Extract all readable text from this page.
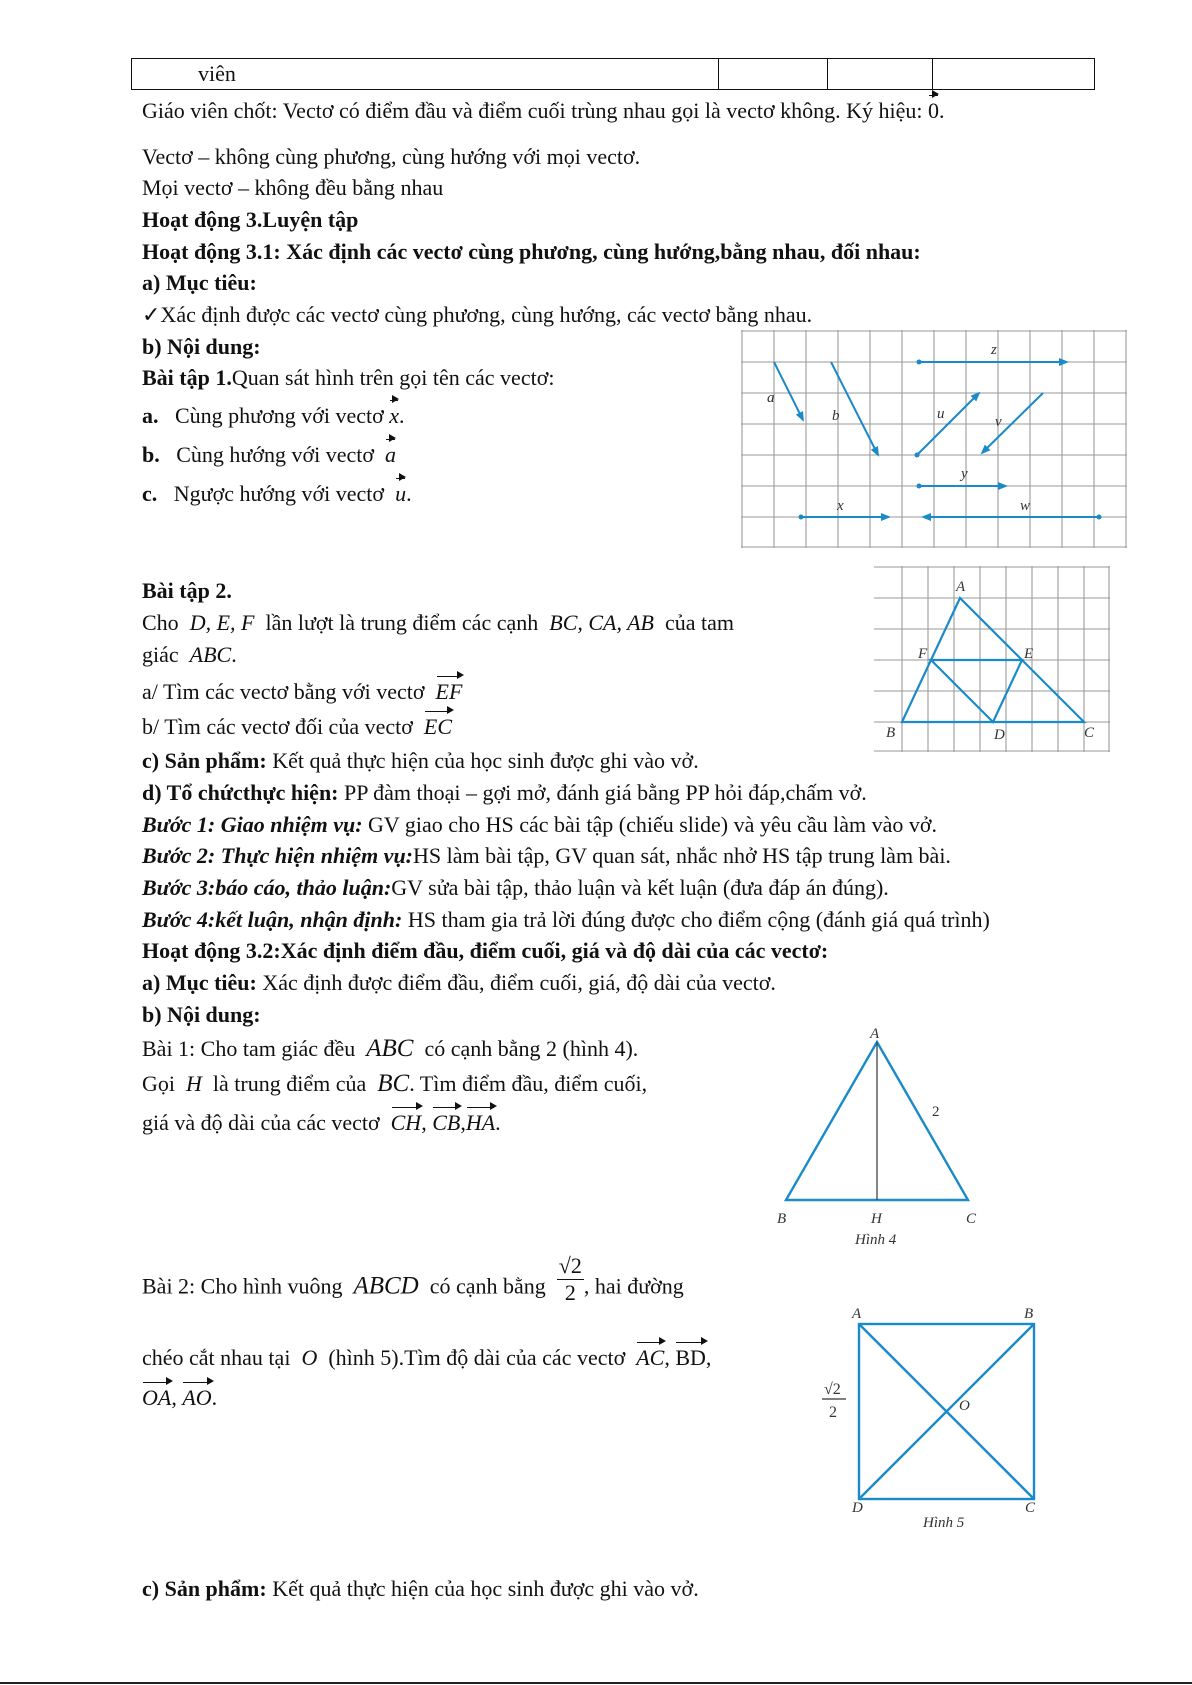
viên			
Giáo viên chốt: Vectơ có điểm đầu và điểm cuối trùng nhau gọi là vectơ không. Ký hiệu: 0.
Vectơ – không cùng phương, cùng hướng với mọi vectơ.
Mọi vectơ – không đều bằng nhau
Hoạt động 3.Luyện tập
Hoạt động 3.1: Xác định các vectơ cùng phương, cùng hướng,bằng nhau, đối nhau:
a) Mục tiêu:
✓Xác định được các vectơ cùng phương, cùng hướng, các vectơ bằng nhau.
b) Nội dung:
Bài tập 1.Quan sát hình trên gọi tên các vectơ:
a. Cùng phương với vectơ x.
b. Cùng hướng với vectơ a
c. Ngược hướng với vectơ u.
a
b
z
u	v
y
x	w
Bài tập 2.
Cho D, E, F lần lượt là trung điểm các cạnh BC, CA, AB của tam
giác ABC.
a/ Tìm các vectơ bằng với vectơ EF
b/ Tìm các vectơ đối của vectơ EC
A
F	E
B	D	C
c) Sản phẩm: Kết quả thực hiện của học sinh được ghi vào vở.
d) Tổ chứcthực hiện: PP đàm thoại – gợi mở, đánh giá bằng PP hỏi đáp,chấm vở.
Bước 1: Giao nhiệm vụ: GV giao cho HS các bài tập (chiếu slide) và yêu cầu làm vào vở.
Bước 2: Thực hiện nhiệm vụ:HS làm bài tập, GV quan sát, nhắc nhở HS tập trung làm bài.
Bước 3:báo cáo, thảo luận:GV sửa bài tập, thảo luận và kết luận (đưa đáp án đúng).
Bước 4:kết luận, nhận định: HS tham gia trả lời đúng được cho điểm cộng (đánh giá quá trình)
Hoạt động 3.2:Xác định điểm đầu, điểm cuối, giá và độ dài của các vectơ:
a) Mục tiêu: Xác định được điểm đầu, điểm cuối, giá, độ dài của vectơ.
b) Nội dung:
Bài 1: Cho tam giác đều ABC có cạnh bằng 2 (hình 4).
Gọi H là trung điểm của BC. Tìm điểm đầu, điểm cuối,
giá và độ dài của các vectơ CH, CB,HA.
A
B	H	C
2
Hình 4
Bài 2: Cho hình vuông ABCD có cạnh bằng $\frac{√2}{2}$ , hai đường
chéo cắt nhau tại O (hình 5).Tìm độ dài của các vectơ AC, BD,
OA, AO.
A	B
C
D
O
√2
2
Hình 5
c) Sản phẩm: Kết quả thực hiện của học sinh được ghi vào vở.
